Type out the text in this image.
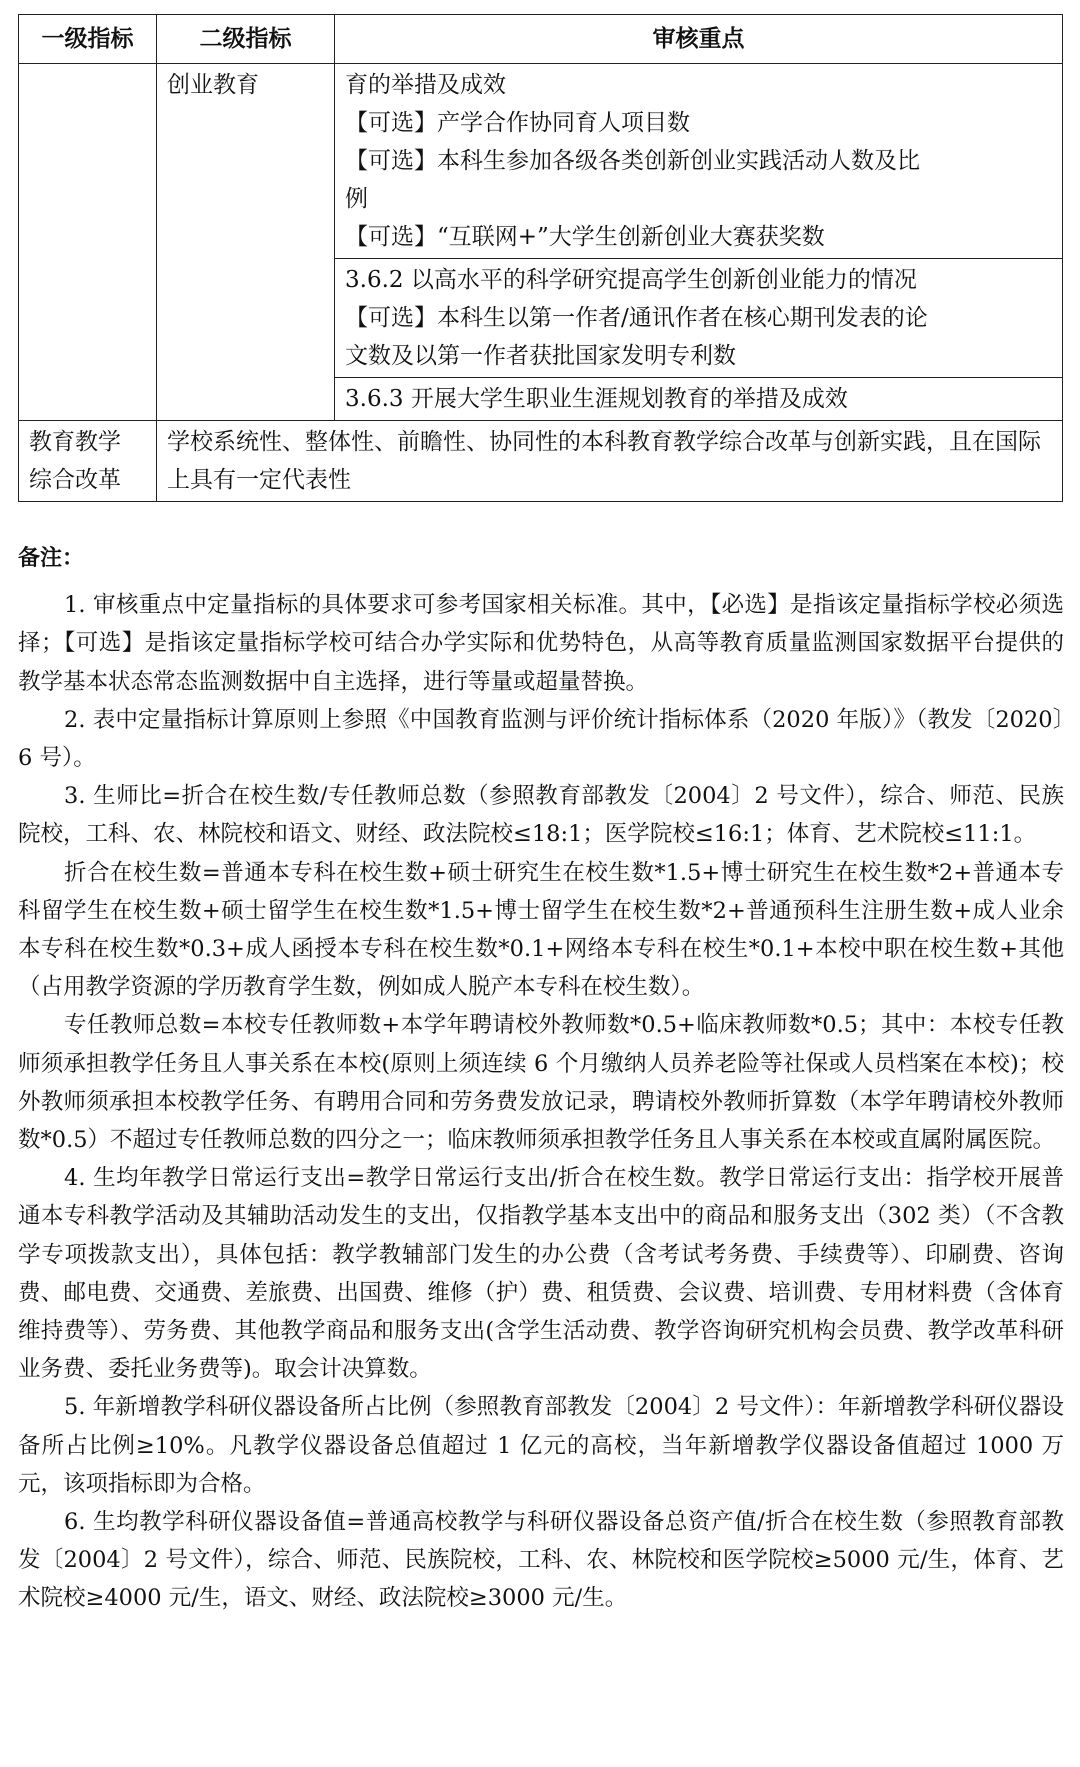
一级指标	二级指标	审核重点

	创业教育	育的举措及成效
【可选】产学合作协同育人项目数
【可选】本科生参加各级各类创新创业实践活动人数及比
例
【可选】“互联网+”大学生创新创业大赛获奖数

		3.6.2 以高水平的科学研究提高学生创新创业能力的情况
【可选】本科生以第一作者/通讯作者在核心期刊发表的论
文数及以第一作者获批国家发明专利数

		3.6.3 开展大学生职业生涯规划教育的举措及成效

教育教学
综合改革	学校系统性、整体性、前瞻性、协同性的本科教育教学综合改革与创新实践，且在国际上具有一定代表性	
备注：

1. 审核重点中定量指标的具体要求可参考国家相关标准。其中，【必选】是指该定量指标学校必须选择；【可选】是指该定量指标学校可结合办学实际和优势特色，从高等教育质量监测国家数据平台提供的教学基本状态常态监测数据中自主选择，进行等量或超量替换。

2. 表中定量指标计算原则上参照《中国教育监测与评价统计指标体系（2020 年版）》（教发〔2020〕6 号）。

3. 生师比=折合在校生数/专任教师总数（参照教育部教发〔2004〕2 号文件），综合、师范、民族院校，工科、农、林院校和语文、财经、政法院校≤18:1；医学院校≤16:1；体育、艺术院校≤11:1。

折合在校生数=普通本专科在校生数+硕士研究生在校生数*1.5+博士研究生在校生数*2+普通本专科留学生在校生数+硕士留学生在校生数*1.5+博士留学生在校生数*2+普通预科生注册生数+成人业余本专科在校生数*0.3+成人函授本专科在校生数*0.1+网络本专科在校生*0.1+本校中职在校生数+其他（占用教学资源的学历教育学生数，例如成人脱产本专科在校生数）。

专任教师总数=本校专任教师数+本学年聘请校外教师数*0.5+临床教师数*0.5；其中：本校专任教师须承担教学任务且人事关系在本校(原则上须连续 6 个月缴纳人员养老险等社保或人员档案在本校)；校外教师须承担本校教学任务、有聘用合同和劳务费发放记录，聘请校外教师折算数（本学年聘请校外教师数*0.5）不超过专任教师总数的四分之一；临床教师须承担教学任务且人事关系在本校或直属附属医院。

4. 生均年教学日常运行支出=教学日常运行支出/折合在校生数。教学日常运行支出：指学校开展普通本专科教学活动及其辅助活动发生的支出，仅指教学基本支出中的商品和服务支出（302 类）（不含教学专项拨款支出），具体包括：教学教辅部门发生的办公费（含考试考务费、手续费等）、印刷费、咨询费、邮电费、交通费、差旅费、出国费、维修（护）费、租赁费、会议费、培训费、专用材料费（含体育维持费等）、劳务费、其他教学商品和服务支出(含学生活动费、教学咨询研究机构会员费、教学改革科研业务费、委托业务费等)。取会计决算数。

5. 年新增教学科研仪器设备所占比例（参照教育部教发〔2004〕2 号文件）：年新增教学科研仪器设备所占比例≥10%。凡教学仪器设备总值超过 1 亿元的高校，当年新增教学仪器设备值超过 1000 万元，该项指标即为合格。

6. 生均教学科研仪器设备值=普通高校教学与科研仪器设备总资产值/折合在校生数（参照教育部教发〔2004〕2 号文件），综合、师范、民族院校，工科、农、林院校和医学院校≥5000 元/生，体育、艺术院校≥4000 元/生，语文、财经、政法院校≥3000 元/生。
